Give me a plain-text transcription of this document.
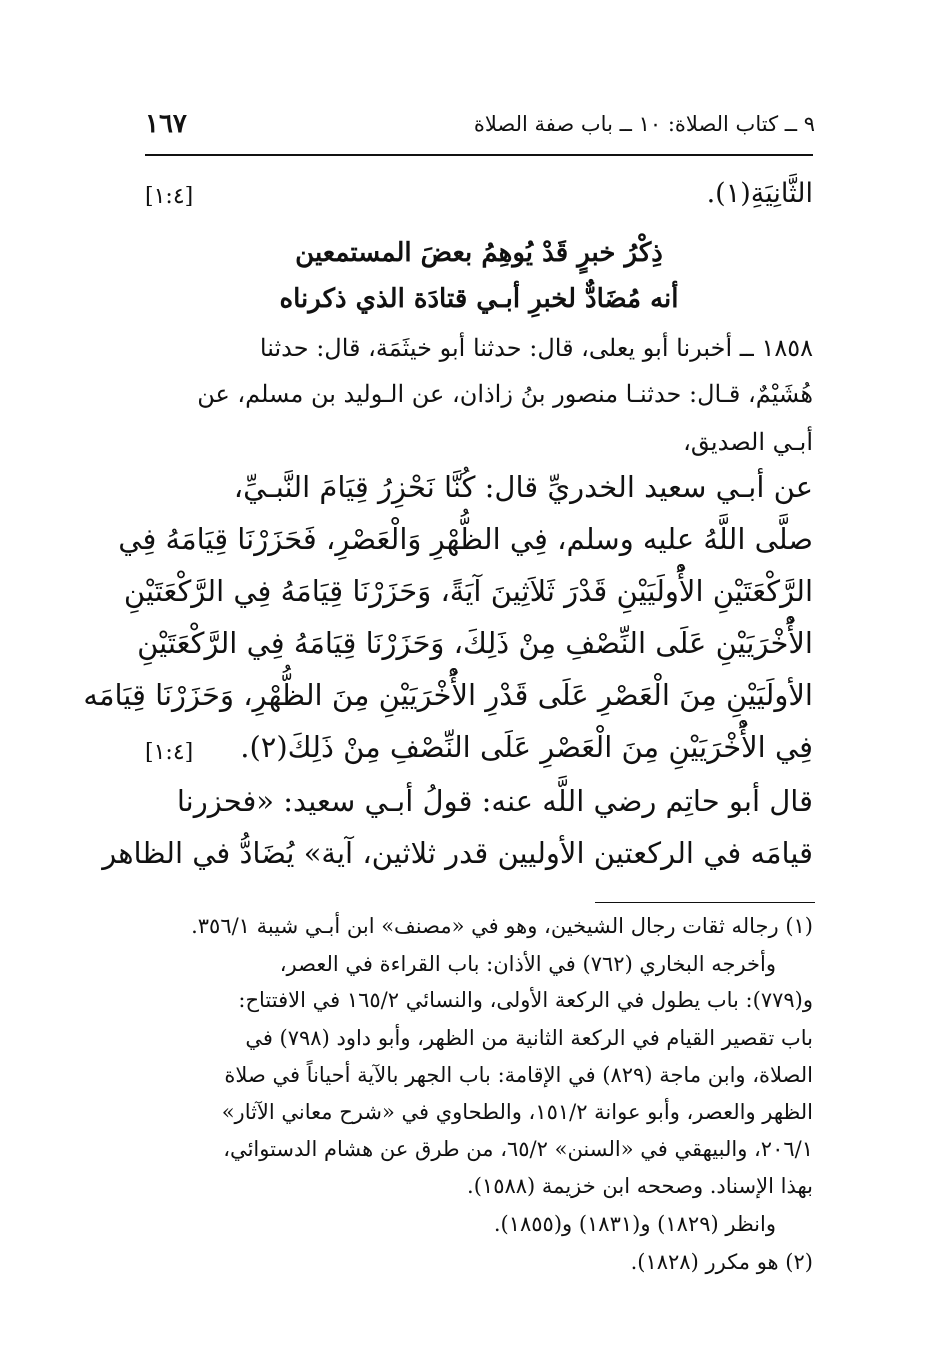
٩ ــ كتاب الصلاة: ١٠ ــ باب صفة الصلاة
١٦٧
الثَّانِيَةِ(١).
[١:٤]
ذِكْرُ خبرٍ قَدْ يُوهِمُ بعضَ المستمعين
أنه مُضَادٌّ لخبرِ أبـي قتادَة الذي ذكرناه
١٨٥٨ ــ أخبرنا أبو يعلى، قال: حدثنا أبو خيثَمَة، قال: حدثنا
هُشَيْمٌ، قـال: حدثنـا منصور بنُ زاذان، عن الـوليد بن مسلم، عن
أبـي الصديق،
عن أبـي سعيد الخدريِّ قال: كُنَّا نَحْزِرُ قِيَامَ النَّبـيِّ،
صلَّى اللَّهُ عليه وسلم، فِي الظُّهْرِ وَالْعَصْرِ، فَحَزَرْنَا قِيَامَهُ فِي
الرَّكْعَتَيْنِ الأُْولَيَيْنِ قَدْرَ ثَلاَثِينَ آيَةً، وَحَزَرْنَا قِيَامَهُ فِي الرَّكْعَتَيْنِ
الأُْخْرَيَيْنِ عَلَى النِّصْفِ مِنْ ذَلِكَ، وَحَزَرْنَا قِيَامَهُ فِي الرَّكْعَتَيْنِ
الأولَيَيْنِ مِنَ الْعَصْرِ عَلَى قَدْرِ الأُْخْرَيَيْنِ مِنَ الظُّهْرِ، وَحَزَرْنَا قِيَامَه
فِي الأُْخْرَيَيْنِ مِنَ الْعَصْرِ عَلَى النِّصْفِ مِنْ ذَلِكَ(٢).
[١:٤]
قال أبو حاتِم رضي اللَّه عنه: قولُ أبـي سعيد: «فحزرنا
قيامَه في الركعتين الأوليين قدر ثلاثين، آية» يُضَادُّ في الظاهر
(١) رجاله ثقات رجال الشيخين، وهو في «مصنف» ابن أبـي شيبة ٣٥٦/١.
وأخرجه البخاري (٧٦٢) في الأذان: باب القراءة في العصر،
و(٧٧٩): باب يطول في الركعة الأولى، والنسائي ١٦٥/٢ في الافتتاح:
باب تقصير القيام في الركعة الثانية من الظهر، وأبو داود (٧٩٨) في
الصلاة، وابن ماجة (٨٢٩) في الإقامة: باب الجهر بالآية أحياناً في صلاة
الظهر والعصر، وأبو عوانة ١٥١/٢، والطحاوي في «شرح معاني الآثار»
٢٠٦/١، والبيهقي في «السنن» ٦٥/٢، من طرق عن هشام الدستوائي،
بهذا الإسناد. وصححه ابن خزيمة (١٥٨٨).
وانظر (١٨٢٩) و(١٨٣١) و(١٨٥٥).
(٢) هو مكرر (١٨٢٨).
